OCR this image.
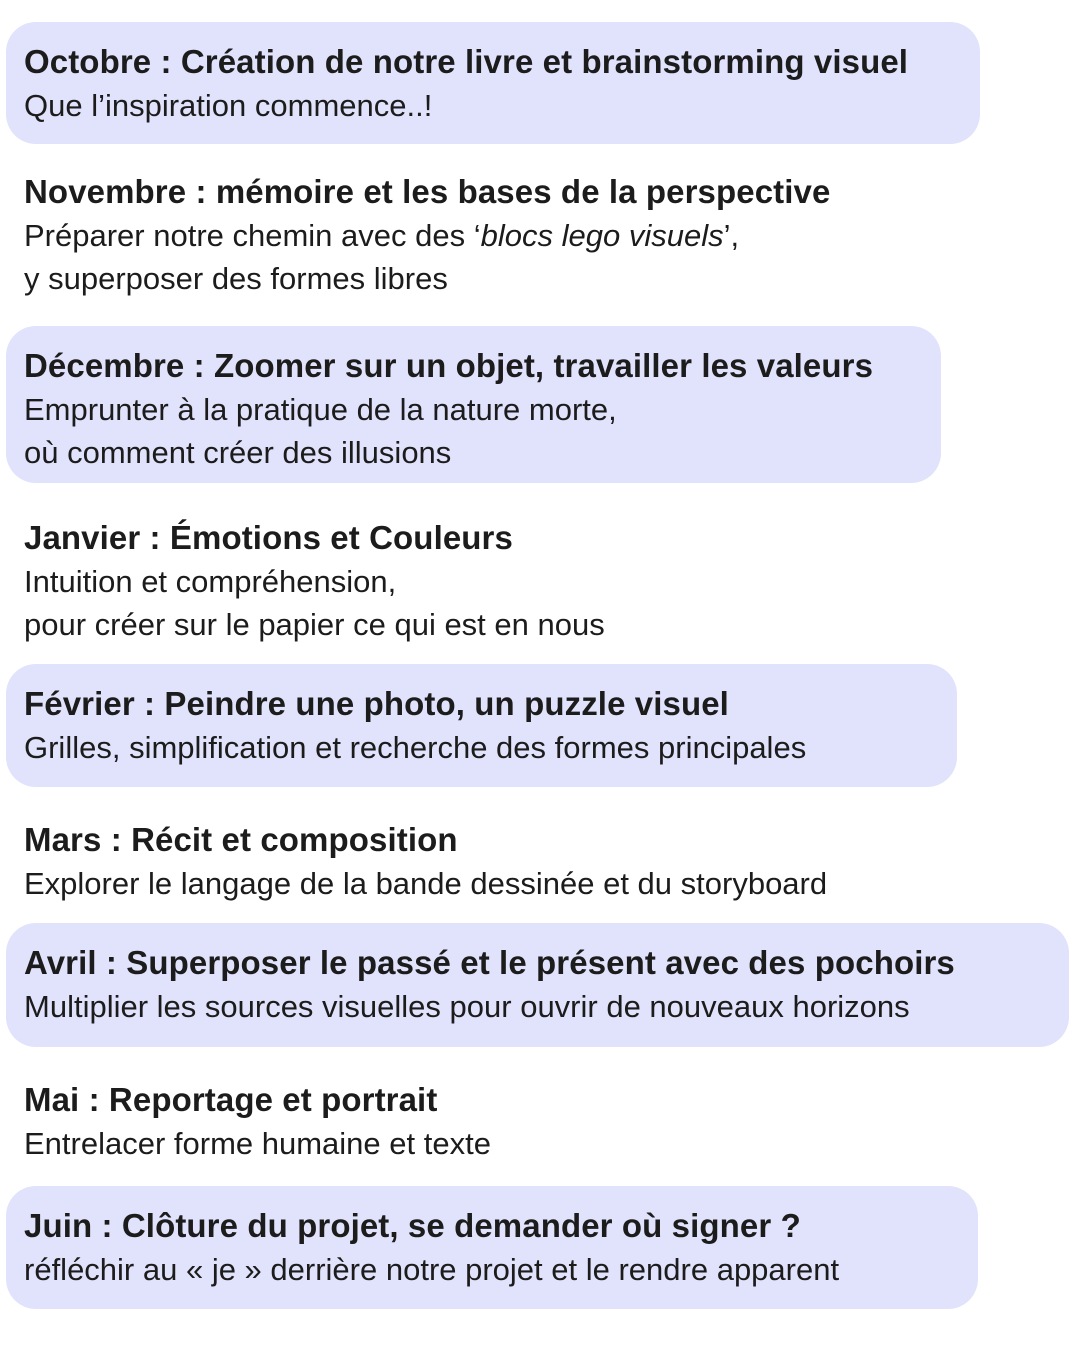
Octobre : Création de notre livre et brainstorming visuel
Que l’inspiration commence..!
Novembre : mémoire et les bases de la perspective
Préparer notre chemin avec des ‘blocs lego visuels’,
y superposer des formes libres
Décembre : Zoomer sur un objet, travailler les valeurs
Emprunter à la pratique de la nature morte,
où comment créer des illusions
Janvier : Émotions et Couleurs
Intuition et compréhension,
pour créer sur le papier ce qui est en nous
Février : Peindre une photo, un puzzle visuel
Grilles, simplification et recherche des formes principales
Mars : Récit et composition
Explorer le langage de la bande dessinée et du storyboard
Avril : Superposer le passé et le présent avec des pochoirs
Multiplier les sources visuelles pour ouvrir de nouveaux horizons
Mai : Reportage et portrait
Entrelacer forme humaine et texte
Juin : Clôture du projet, se demander où signer ?
réfléchir au « je » derrière notre projet et le rendre apparent
